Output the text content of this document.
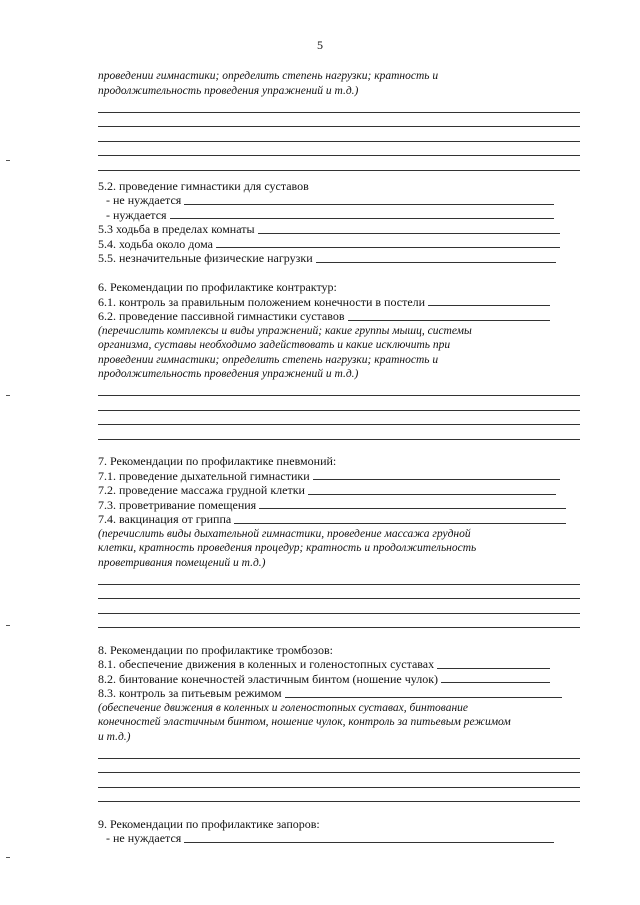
5
проведении гимнастики; определить степень нагрузки; кратность и
продолжительность проведения упражнений и т.д.)
5.2. проведение гимнастики для суставов
- не нуждается
- нуждается
5.3 ходьба в пределах комнаты
5.4. ходьба около дома
5.5. незначительные физические нагрузки
6. Рекомендации по профилактике контрактур:
6.1. контроль за правильным положением конечности в постели
6.2. проведение пассивной гимнастики суставов
(перечислить комплексы и виды упражнений; какие группы мышц, системы
организма, суставы необходимо задействовать и какие исключить при
проведении гимнастики; определить степень нагрузки; кратность и
продолжительность проведения упражнений и т.д.)
7. Рекомендации по профилактике пневмоний:
7.1. проведение дыхательной гимнастики
7.2. проведение массажа грудной клетки
7.3. проветривание помещения
7.4. вакцинация от гриппа
(перечислить виды дыхательной гимнастики, проведение массажа грудной
клетки, кратность проведения процедур; кратность и продолжительность
проветривания помещений и т.д.)
8. Рекомендации по профилактике тромбозов:
8.1. обеспечение движения в коленных и голеностопных суставах
8.2. бинтование конечностей эластичным бинтом (ношение чулок)
8.3. контроль за питьевым режимом
(обеспечение движения в коленных и голеностопных суставах, бинтование
конечностей эластичным бинтом, ношение чулок, контроль за питьевым режимом
и т.д.)
9. Рекомендации по профилактике запоров:
- не нуждается
